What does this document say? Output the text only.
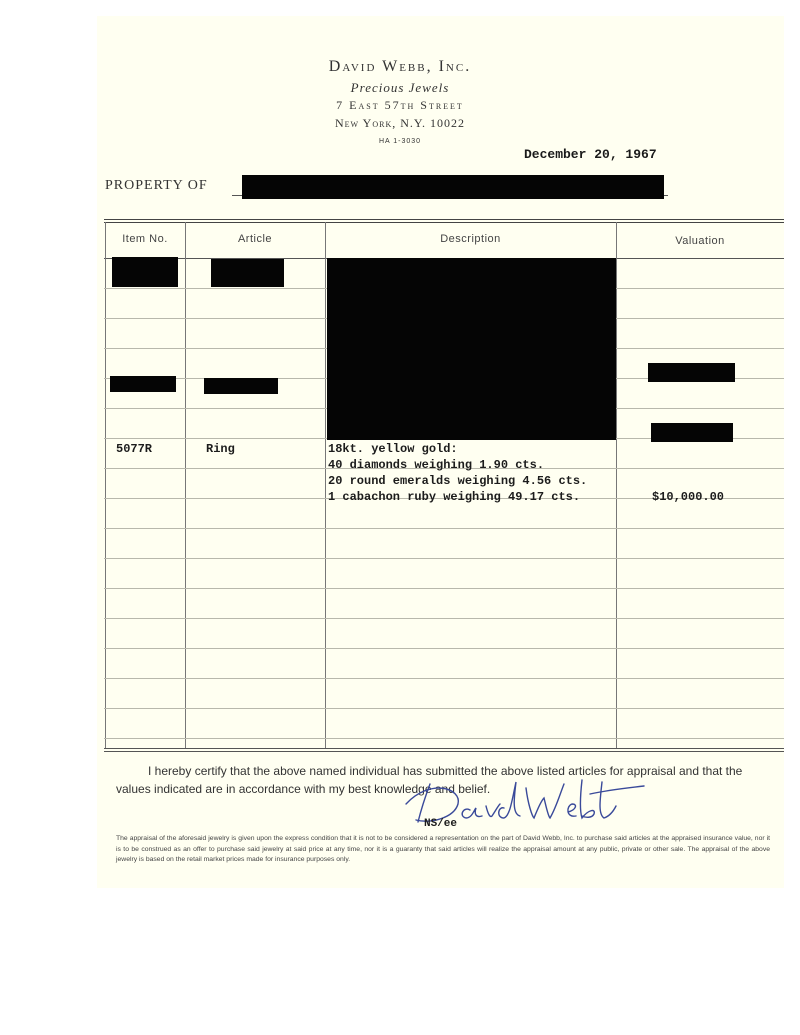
David Webb, Inc.
Precious Jewels
7 East 57th Street
New York, N.Y. 10022
HA 1-3030
December 20, 1967
PROPERTY OF
Item No.	Article	Description	Valuation
5077R	Ring	18kt. yellow gold:
40 diamonds weighing 1.90 cts.
20 round emeralds weighing 4.56 cts.
1 cabachon ruby weighing 49.17 cts.	$10,000.00
I hereby certify that the above named individual has submitted the above listed articles for appraisal and that the values indicated are in accordance with my best knowledge and belief.
NS/ee
The appraisal of the aforesaid jewelry is given upon the express condition that it is not to be considered a representation on the part of David Webb, Inc. to purchase said articles at the appraised insurance value, nor it is to be construed as an offer to purchase said jewelry at said price at any time, nor it is a guaranty that said articles will realize the appraisal amount at any public, private or other sale. The appraisal of the above jewelry is based on the retail market prices made for insurance purposes only.
